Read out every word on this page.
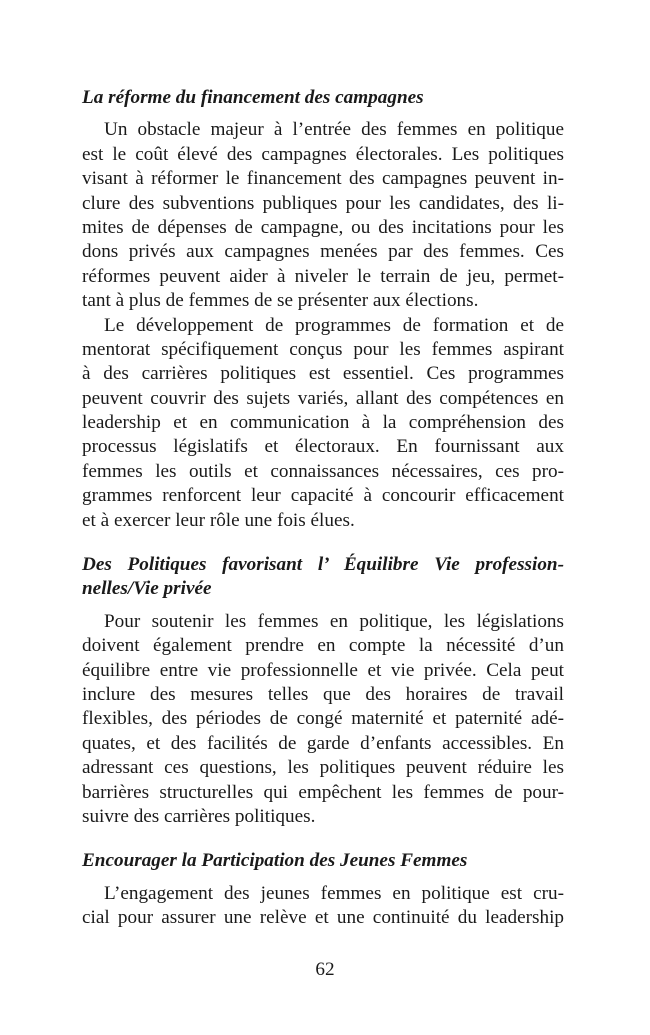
La réforme du financement des campagnes
Un obstacle majeur à l’entrée des femmes en politique
est le coût élevé des campagnes électorales. Les politiques
visant à réformer le financement des campagnes peuvent in-
clure des subventions publiques pour les candidates, des li-
mites de dépenses de campagne, ou des incitations pour les
dons privés aux campagnes menées par des femmes. Ces
réformes peuvent aider à niveler le terrain de jeu, permet-
tant à plus de femmes de se présenter aux élections.
Le développement de programmes de formation et de
mentorat spécifiquement conçus pour les femmes aspirant
à des carrières politiques est essentiel. Ces programmes
peuvent couvrir des sujets variés, allant des compétences en
leadership et en communication à la compréhension des
processus législatifs et électoraux. En fournissant aux
femmes les outils et connaissances nécessaires, ces pro-
grammes renforcent leur capacité à concourir efficacement
et à exercer leur rôle une fois élues.
Des Politiques favorisant l’ Équilibre Vie profession-
nelles/Vie privée
Pour soutenir les femmes en politique, les législations
doivent également prendre en compte la nécessité d’un
équilibre entre vie professionnelle et vie privée. Cela peut
inclure des mesures telles que des horaires de travail
flexibles, des périodes de congé maternité et paternité adé-
quates, et des facilités de garde d’enfants accessibles. En
adressant ces questions, les politiques peuvent réduire les
barrières structurelles qui empêchent les femmes de pour-
suivre des carrières politiques.
Encourager la Participation des Jeunes Femmes
L’engagement des jeunes femmes en politique est cru-
cial pour assurer une relève et une continuité du leadership
62
